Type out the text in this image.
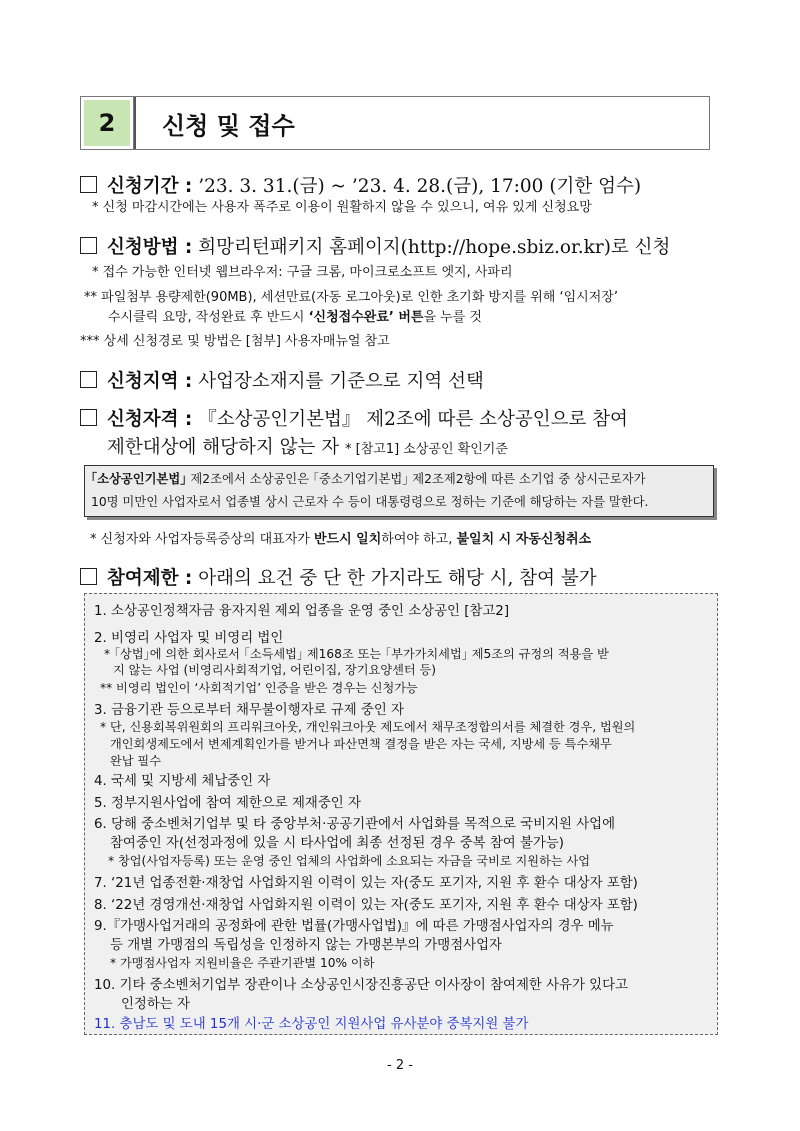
2	신청 및 접수
신청기간 : ’23. 3. 31.(금) ~ ’23. 4. 28.(금), 17:00 (기한 엄수)
* 신청 마감시간에는 사용자 폭주로 이용이 원활하지 않을 수 있으니, 여유 있게 신청요망
신청방법 : 희망리턴패키지 홈페이지(http://hope.sbiz.or.kr)로 신청
* 접수 가능한 인터넷 웹브라우저: 구글 크롬, 마이크로소프트 엣지, 사파리
** 파일첨부 용량제한(90MB), 세션만료(자동 로그아웃)로 인한 초기화 방지를 위해 ‘임시저장’
수시클릭 요망, 작성완료 후 반드시 ‘신청접수완료’ 버튼을 누를 것
*** 상세 신청경로 및 방법은 [첨부] 사용자매뉴얼 참고
신청지역 : 사업장소재지를 기준으로 지역 선택
신청자격 : 『소상공인기본법』 제2조에 따른 소상공인으로 참여
제한대상에 해당하지 않는 자 * [참고1] 소상공인 확인기준
｢소상공인기본법｣ 제2조에서 소상공인은 ｢중소기업기본법｣ 제2조제2항에 따른 소기업 중 상시근로자가
10명 미만인 사업자로서 업종별 상시 근로자 수 등이 대통령령으로 정하는 기준에 해당하는 자를 말한다.
* 신청자와 사업자등록증상의 대표자가 반드시 일치하여야 하고, 불일치 시 자동신청취소
참여제한 : 아래의 요건 중 단 한 가지라도 해당 시, 참여 불가
1. 소상공인정책자금 융자지원 제외 업종을 운영 중인 소상공인 [참고2]
2. 비영리 사업자 및 비영리 법인
* ｢상법｣에 의한 회사로서 ｢소득세법｣ 제168조 또는 ｢부가가치세법｣ 제5조의 규정의 적용을 받
지 않는 사업 (비영리사회적기업, 어린이집, 장기요양센터 등)
** 비영리 법인이 ‘사회적기업’ 인증을 받은 경우는 신청가능
3. 금융기관 등으로부터 채무불이행자로 규제 중인 자
* 단, 신용회복위원회의 프리워크아웃, 개인워크아웃 제도에서 채무조정합의서를 체결한 경우, 법원의
개인회생제도에서 변제계획인가를 받거나 파산면책 결정을 받은 자는 국세, 지방세 등 특수채무
완납 필수
4. 국세 및 지방세 체납중인 자
5. 정부지원사업에 참여 제한으로 제재중인 자
6. 당해 중소벤처기업부 및 타 중앙부처·공공기관에서 사업화를 목적으로 국비지원 사업에
참여중인 자(선정과정에 있을 시 타사업에 최종 선정된 경우 중복 참여 불가능)
* 창업(사업자등록) 또는 운영 중인 업체의 사업화에 소요되는 자금을 국비로 지원하는 사업
7. ‘21년 업종전환·재창업 사업화지원 이력이 있는 자(중도 포기자, 지원 후 환수 대상자 포함)
8. ‘22년 경영개선·재창업 사업화지원 이력이 있는 자(중도 포기자, 지원 후 환수 대상자 포함)
9.『가맹사업거래의 공정화에 관한 법률(가맹사업법)』에 따른 가맹점사업자의 경우 메뉴
등 개별 가맹점의 독립성을 인정하지 않는 가맹본부의 가맹점사업자
* 가맹점사업자 지원비율은 주관기관별 10% 이하
10. 기타 중소벤처기업부 장관이나 소상공인시장진흥공단 이사장이 참여제한 사유가 있다고
인정하는 자
11. 충남도 및 도내 15개 시·군 소상공인 지원사업 유사분야 중복지원 불가
- 2 -
